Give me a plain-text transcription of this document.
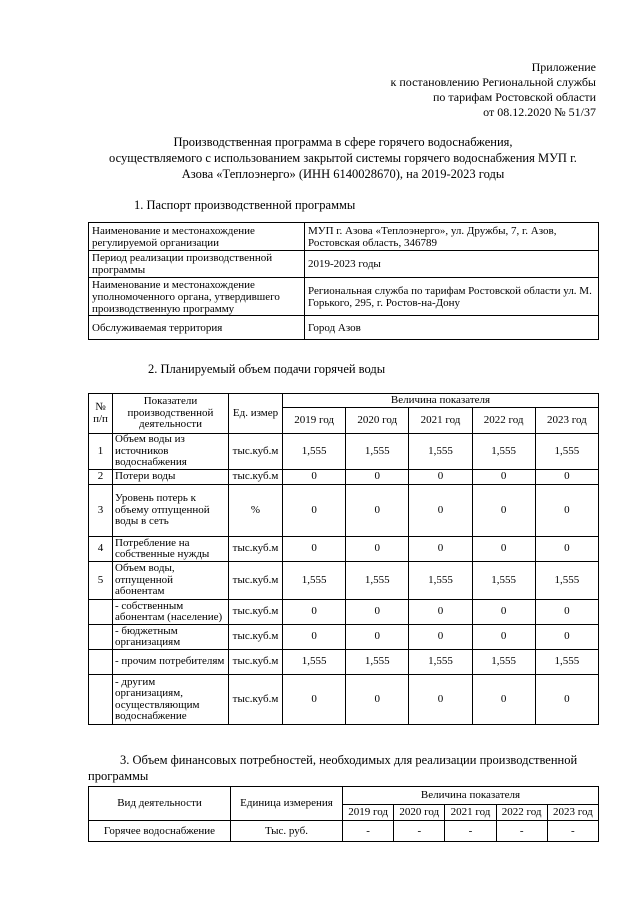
Приложение
к постановлению Региональной службы
по тарифам Ростовской области
от 08.12.2020 № 51/37
Производственная программа в сфере горячего водоснабжения,
осуществляемого с использованием закрытой системы горячего водоснабжения МУП г.
Азова «Теплоэнерго» (ИНН 6140028670), на 2019-2023 годы
1. Паспорт производственной программы
Наименование и местонахождение регулируемой организации	МУП г. Азова «Теплоэнерго», ул. Дружбы, 7, г. Азов, Ростовская область, 346789
Период реализации производственной программы	2019-2023 годы
Наименование и местонахождение уполномоченного органа, утвердившего производственную программу	Региональная служба по тарифам Ростовской области ул. М. Горького, 295, г. Ростов-на-Дону
Обслуживаемая территория	Город Азов
2. Планируемый объем подачи горячей воды
№ п/п	Показатели производственной деятельности	Ед. измер	Величина показателя				
			2019 год	2020 год	2021 год	2022 год	2023 год
1	Объем воды из источников водоснабжения	тыс.куб.м	1,555	1,555	1,555	1,555	1,555
2	Потери воды	тыс.куб.м	0	0	0	0	0
3	Уровень потерь к объему отпущенной воды в сеть	%	0	0	0	0	0
4	Потребление на собственные нужды	тыс.куб.м	0	0	0	0	0
5	Объем воды, отпущенной абонентам	тыс.куб.м	1,555	1,555	1,555	1,555	1,555
	- собственным абонентам (население)	тыс.куб.м	0	0	0	0	0
	- бюджетным организациям	тыс.куб.м	0	0	0	0	0
	- прочим потребителям	тыс.куб.м	1,555	1,555	1,555	1,555	1,555
	- другим организациям, осуществляющим водоснабжение	тыс.куб.м	0	0	0	0	0
3. Объем финансовых потребностей, необходимых для реализации производственной программы
Вид деятельности	Единица измерения	Величина показателя				
		2019 год	2020 год	2021 год	2022 год	2023 год
Горячее водоснабжение	Тыс. руб.	-	-	-	-	-
